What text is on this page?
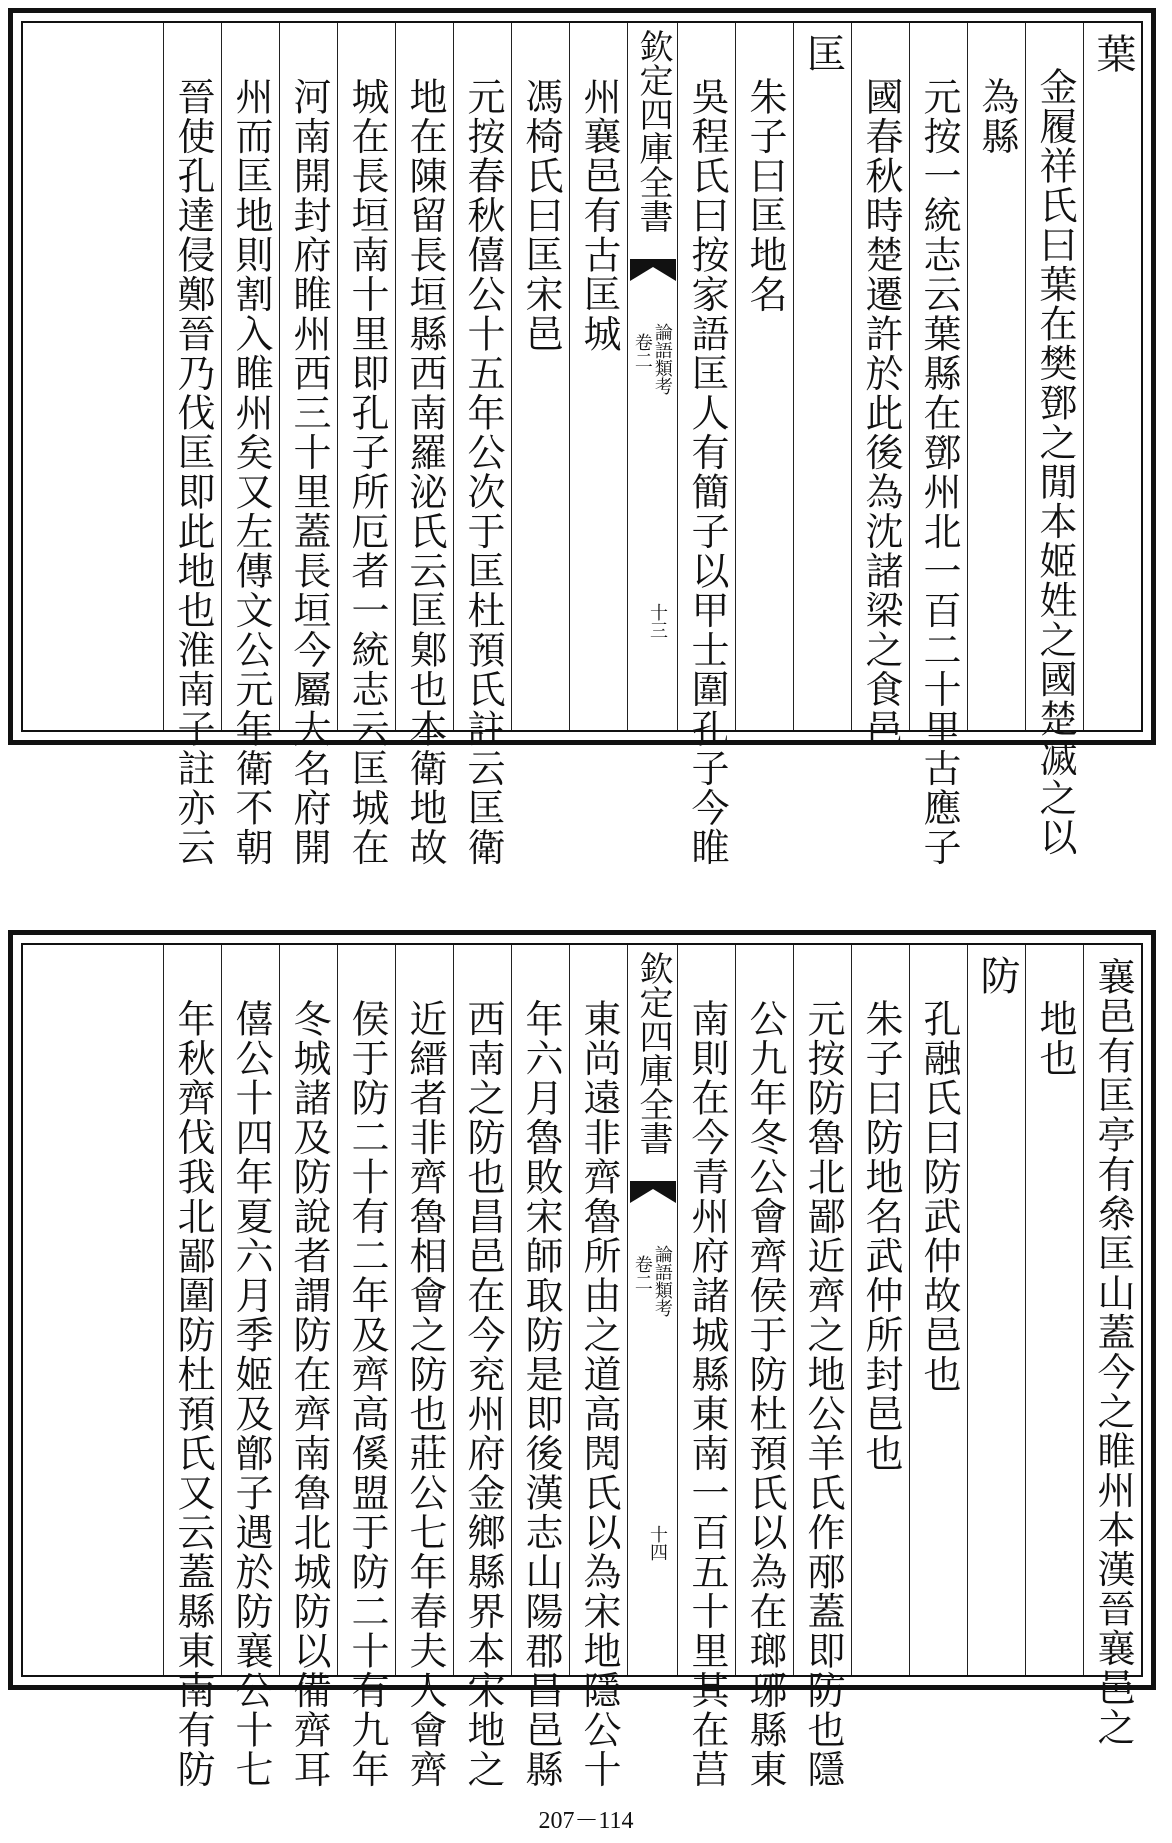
葉
金履祥氏曰葉在樊鄧之閒本姬姓之國楚㓕之以
為縣
元按一統志云葉縣在鄧州北一百二十里古應子
國春秋時楚遷許於此後為沈諸梁之食邑
匡
朱子曰匡地名
吳程氏曰按家語匡人有簡子以甲士圍孔子今睢
欽定四庫全書
論語類考
卷二
十三
州襄邑有古匡城
馮椅氏曰匡宋邑
元按春秋僖公十五年公次于匡杜預氏註云匡衛
地在陳留長垣縣西南羅泌氏云匡鄓也本衛地故
城在長垣南十里即孔子所厄者一統志云匡城在
河南開封府睢州西三十里蓋長垣今屬大名府開
州而匡地則割入睢州矣又左傳文公元年衛不朝
晉使孔達侵鄭晉乃伐匡即此地也淮南子註亦云
襄邑有匡亭有㕘匡山蓋今之睢州本漢晉襄邑之
地也
防
孔融氏曰防武仲故邑也
朱子曰防地名武仲所封邑也
元按防魯北鄙近齊之地公羊氏作邴蓋即防也隱
公九年冬公會齊侯于防杜預氏以為在瑯琊縣東
南則在今青州府諸城縣東南一百五十里其在莒
欽定四庫全書
論語類考
卷二
十四
東尚遠非齊魯所由之道高閌氏以為宋地隱公十
年六月魯敗宋師取防是即後漢志山陽郡昌邑縣
西南之防也昌邑在今兖州府金鄉縣界本宋地之
近縉者非齊魯相會之防也莊公七年春夫人會齊
侯于防二十有二年及齊高傒盟于防二十有九年
冬城諸及防說者謂防在齊南魯北城防以備齊耳
僖公十四年夏六月季姬及鄫子遇於防襄公十七
年秋齊伐我北鄙圍防杜預氏又云蓋縣東南有防
207－114
